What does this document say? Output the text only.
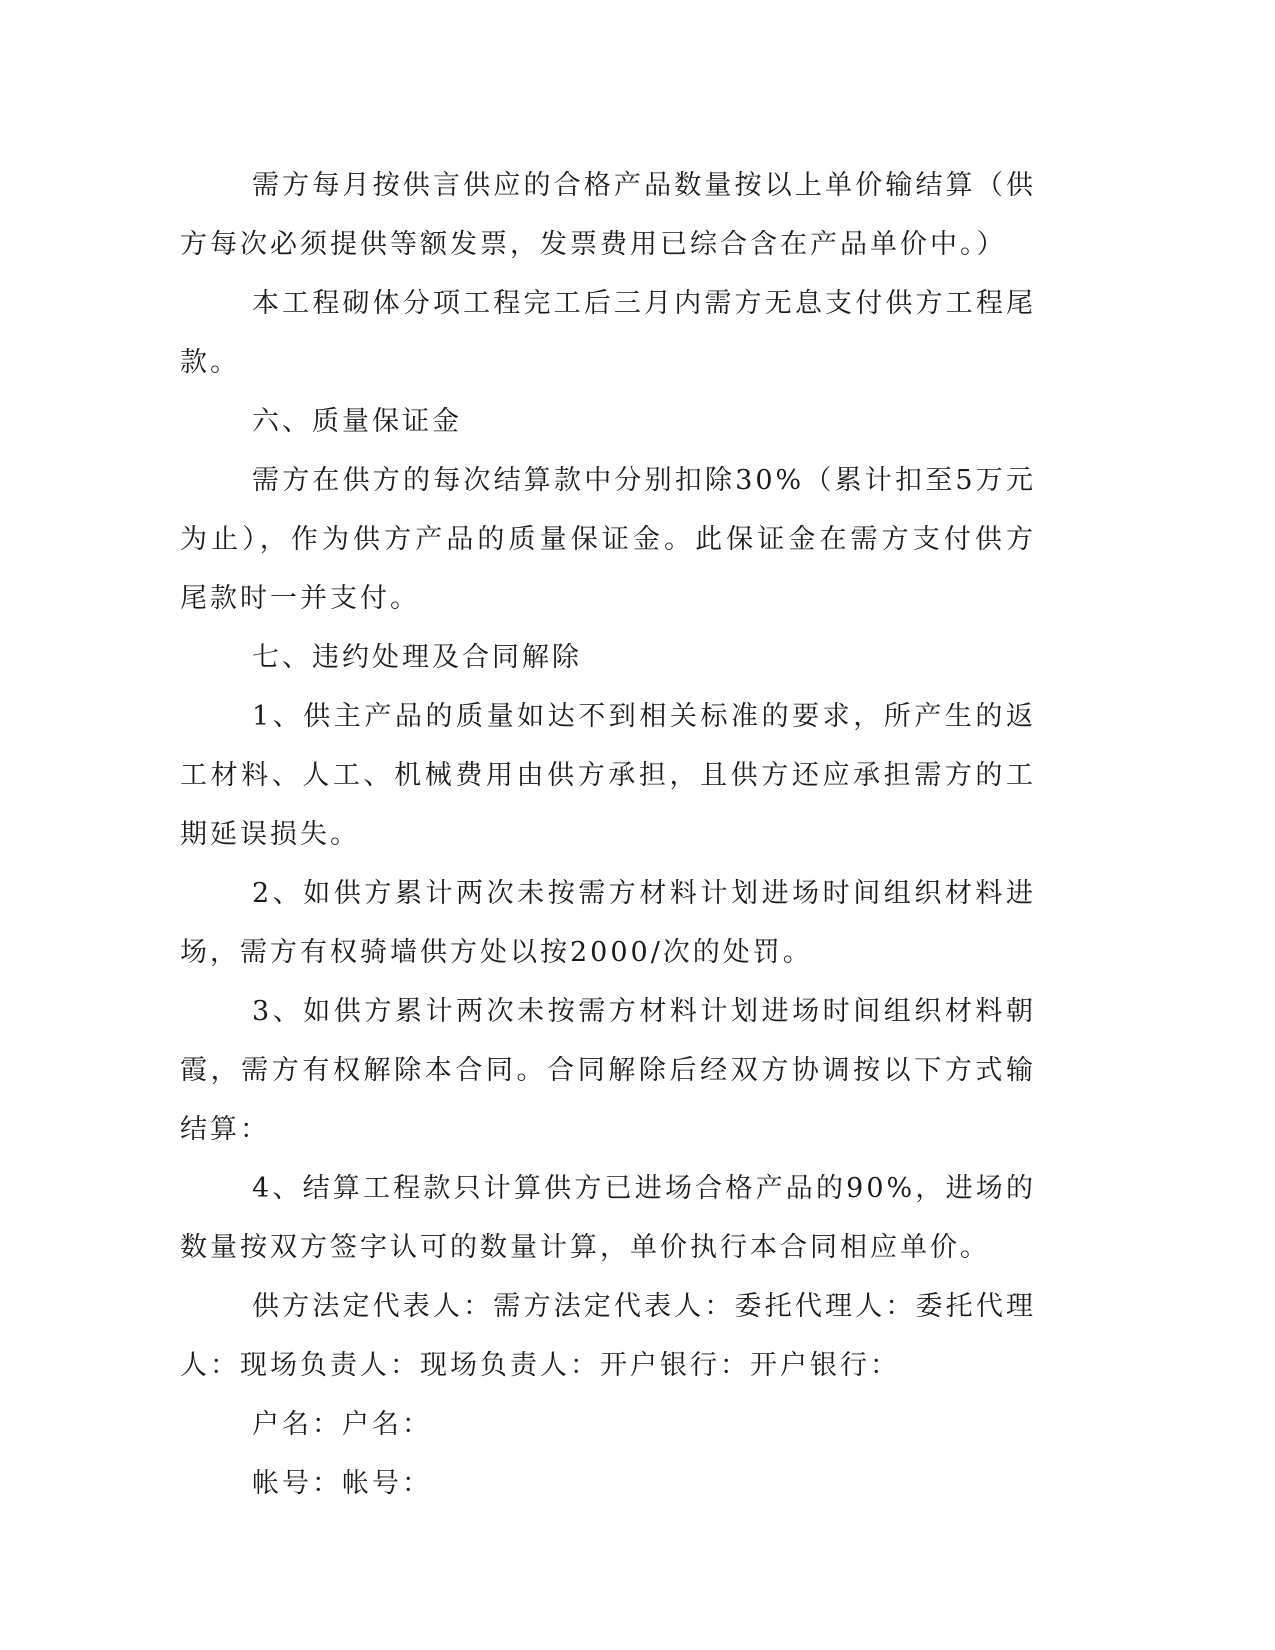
需方每月按供言供应的合格产品数量按以上单价输结算（供方每次必须提供等额发票，发票费用已综合含在产品单价中。）

本工程砌体分项工程完工后三月内需方无息支付供方工程尾款。

六、质量保证金

需方在供方的每次结算款中分别扣除30%（累计扣至5万元为止），作为供方产品的质量保证金。此保证金在需方支付供方尾款时一并支付。

七、违约处理及合同解除

1、供主产品的质量如达不到相关标准的要求，所产生的返工材料、人工、机械费用由供方承担，且供方还应承担需方的工期延误损失。

2、如供方累计两次未按需方材料计划进场时间组织材料进场，需方有权骑墙供方处以按2000/次的处罚。

3、如供方累计两次未按需方材料计划进场时间组织材料朝霞，需方有权解除本合同。合同解除后经双方协调按以下方式输结算：

4、结算工程款只计算供方已进场合格产品的90%，进场的数量按双方签字认可的数量计算，单价执行本合同相应单价。

供方法定代表人：需方法定代表人：委托代理人：委托代理人：现场负责人：现场负责人：开户银行：开户银行：

户名：户名：

帐号：帐号：
